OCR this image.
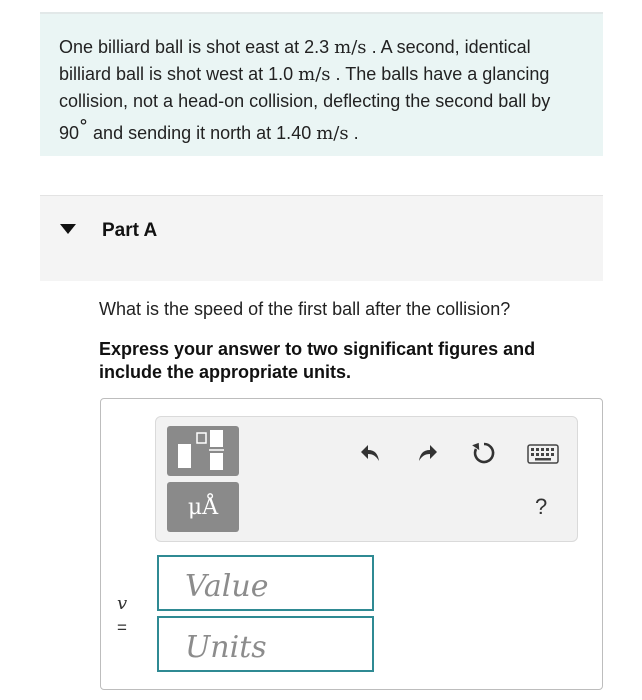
One billiard ball is shot east at 2.3 m/s . A second, identical billiard ball is shot west at 1.0 m/s . The balls have a glancing collision, not a head-on collision, deflecting the second ball by 90° and sending it north at 1.40 m/s .
Part A
What is the speed of the first ball after the collision?
Express your answer to two significant figures and include the appropriate units.
μÅ	?
v
=
Value
Units
